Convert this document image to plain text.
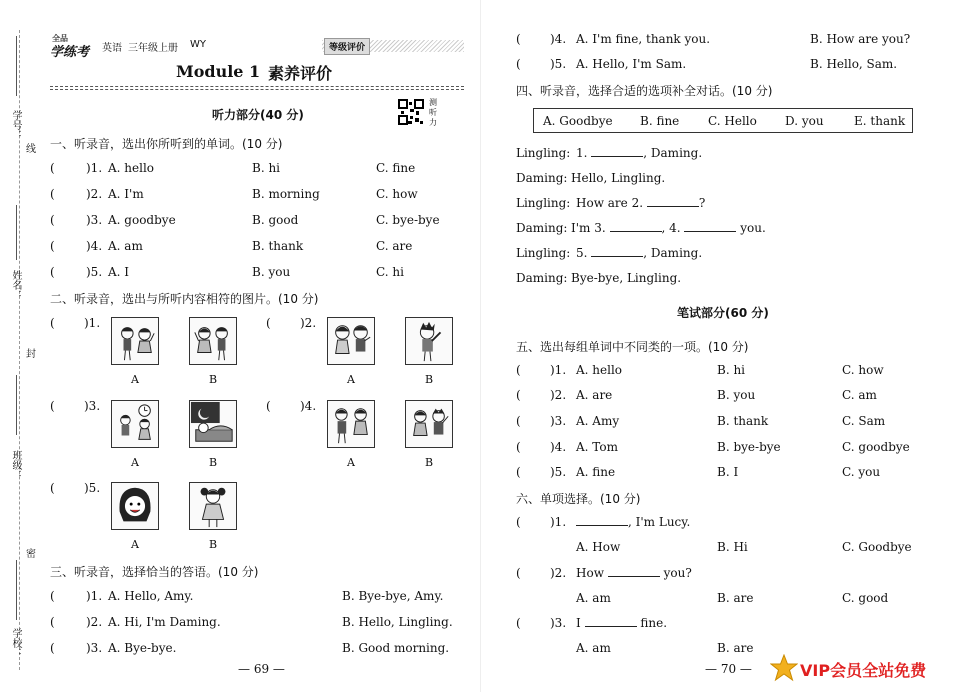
学号：
线
姓名：
封
班级：
密
学校：
全品
学练考 英语 三年级上册 WY	等级评价
Module 1 素养评价
听力部分(40 分)
测听力
一、听录音，选出你所听到的单词。(10 分)
(	)1. A. hello	B. hi	C. fine
(	)2. A. I'm	B. morning	C. how
(	)3. A. goodbye	B. good	C. bye-bye
(	)4. A. am	B. thank	C. are
(	)5. A. I	B. you	C. hi
二、听录音，选出与所听内容相符的图片。(10 分)
( )1.	( )2.
( )3.	( )4.
( )5.
A	B	A	B
A	B	A	B
A	B
三、听录音，选择恰当的答语。(10 分)
(	)1. A. Hello, Amy.	B. Bye-bye, Amy.
(	)2. A. Hi, I'm Daming.	B. Hello, Lingling.
(	)3. A. Bye-bye.	B. Good morning.
— 69 —
( )4. A. I'm fine, thank you.	B. How are you?
( )5. A. Hello, I'm Sam.	B. Hello, Sam.
四、听录音，选择合适的选项补全对话。(10 分)
A. Goodbye B. fine C. Hello D. you	E. thank
Lingling: 1.	, Daming.
Daming: Hello, Lingling.
Lingling: How are 2.	?
Daming: I'm 3.	, 4.	you.
Lingling: 5.	, Daming.
Daming: Bye-bye, Lingling.
笔试部分(60 分)
五、选出每组单词中不同类的一项。(10 分)
( )1. A. hello	B. hi	C. how
( )2. A. are	B. you	C. am
( )3. A. Amy	B. thank	C. Sam
( )4. A. Tom	B. bye-bye	C. goodbye
( )5. A. fine	B. I	C. you
六、单项选择。(10 分)
( )1.	, I'm Lucy.
A. How	B. Hi	C. Goodbye
( )2. How	you?
A. am	B. are	C. good
( )3. I	fine.
A. am	B. are
— 70 —	VIP会员全站免费
